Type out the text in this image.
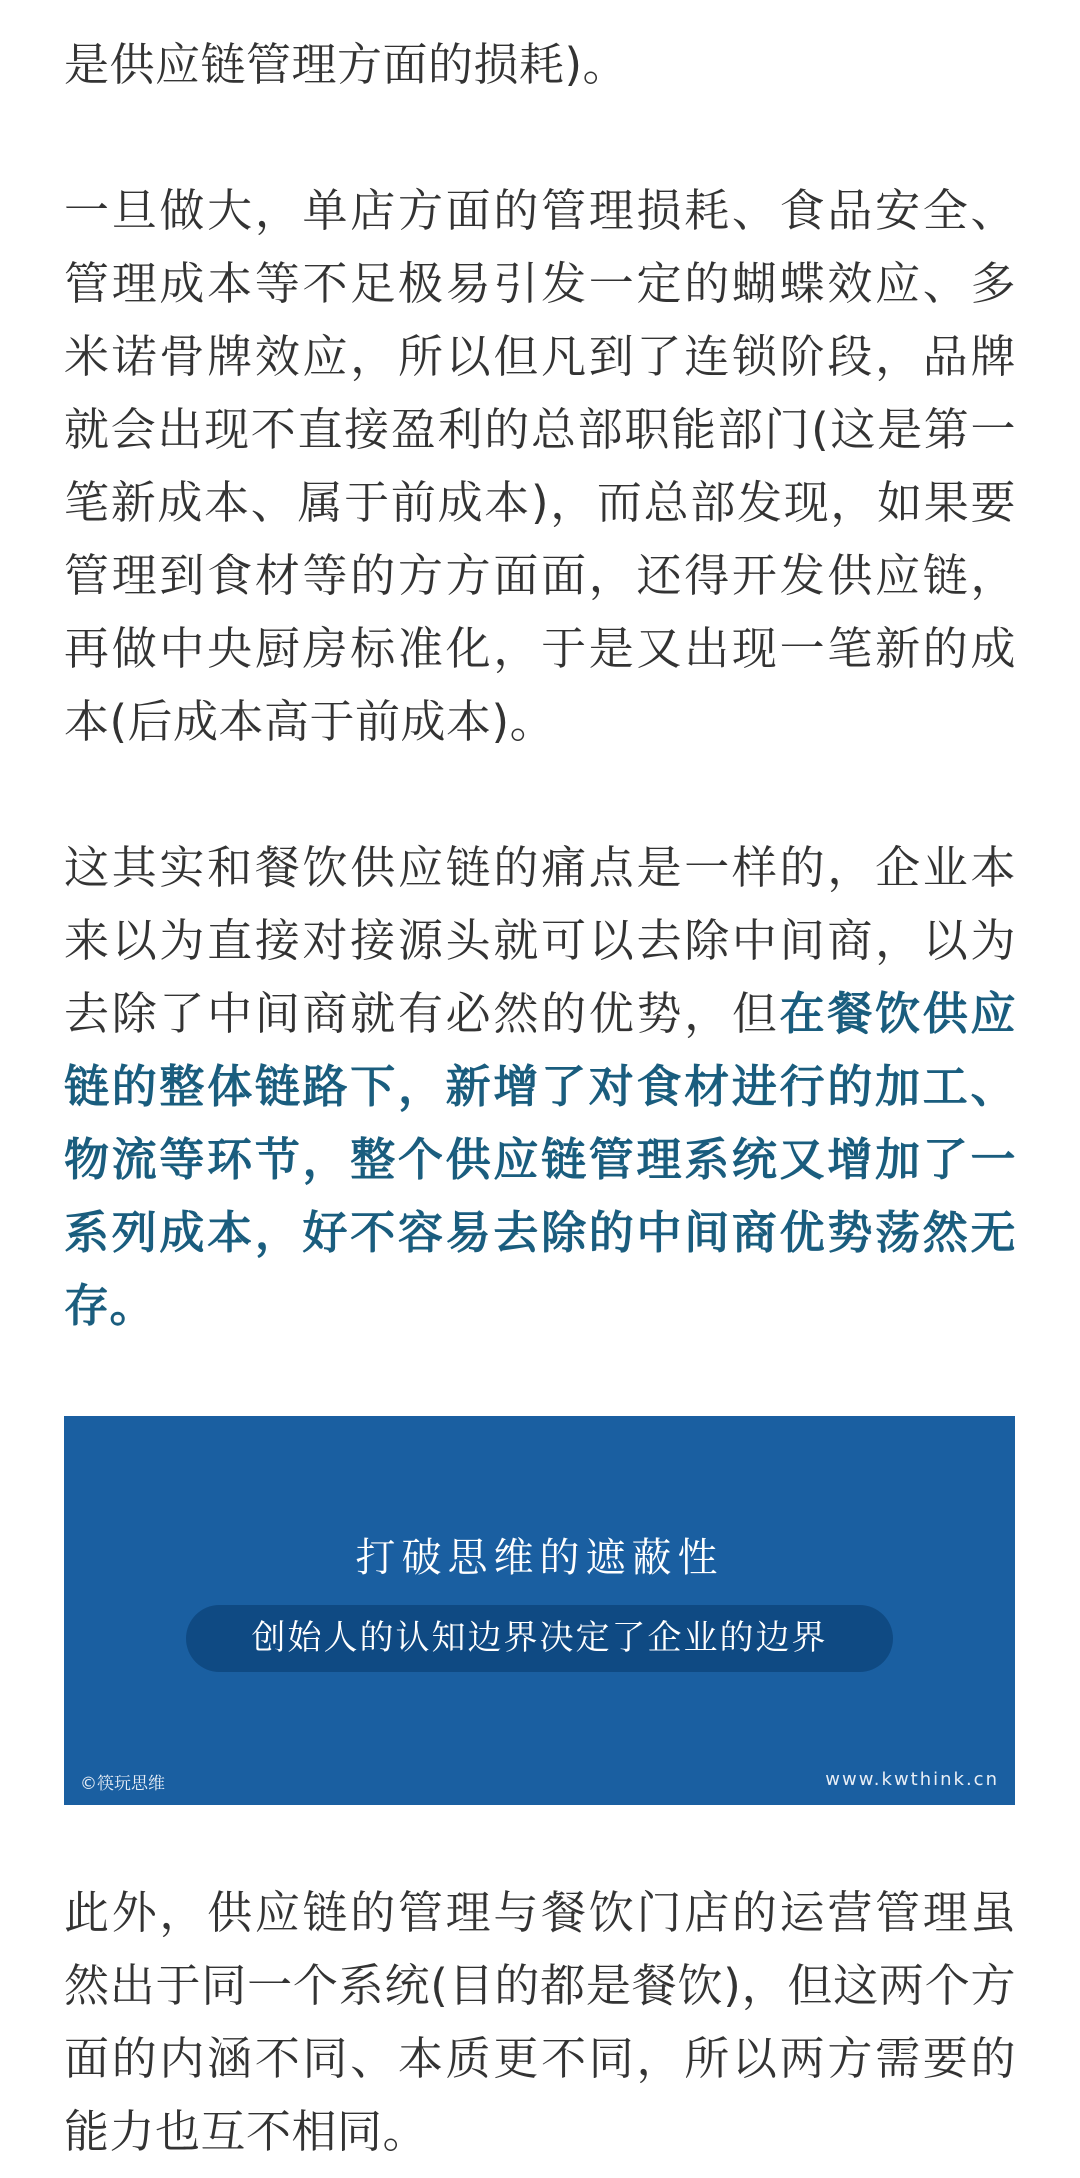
是供应链管理方面的损耗)。

一旦做大，单店方面的管理损耗、食品安全、管理成本等不足极易引发一定的蝴蝶效应、多米诺骨牌效应，所以但凡到了连锁阶段，品牌就会出现不直接盈利的总部职能部门(这是第一笔新成本、属于前成本)，而总部发现，如果要管理到食材等的方方面面，还得开发供应链，再做中央厨房标准化，于是又出现一笔新的成本(后成本高于前成本)。

这其实和餐饮供应链的痛点是一样的，企业本来以为直接对接源头就可以去除中间商，以为去除了中间商就有必然的优势，但在餐饮供应链的整体链路下，新增了对食材进行的加工、物流等环节，整个供应链管理系统又增加了一系列成本，好不容易去除的中间商优势荡然无存。

打破思维的遮蔽性
创始人的认知边界决定了企业的边界
©筷玩思维	www.kwthink.cn

此外，供应链的管理与餐饮门店的运营管理虽然出于同一个系统(目的都是餐饮)，但这两个方面的内涵不同、本质更不同，所以两方需要的能力也互不相同。
